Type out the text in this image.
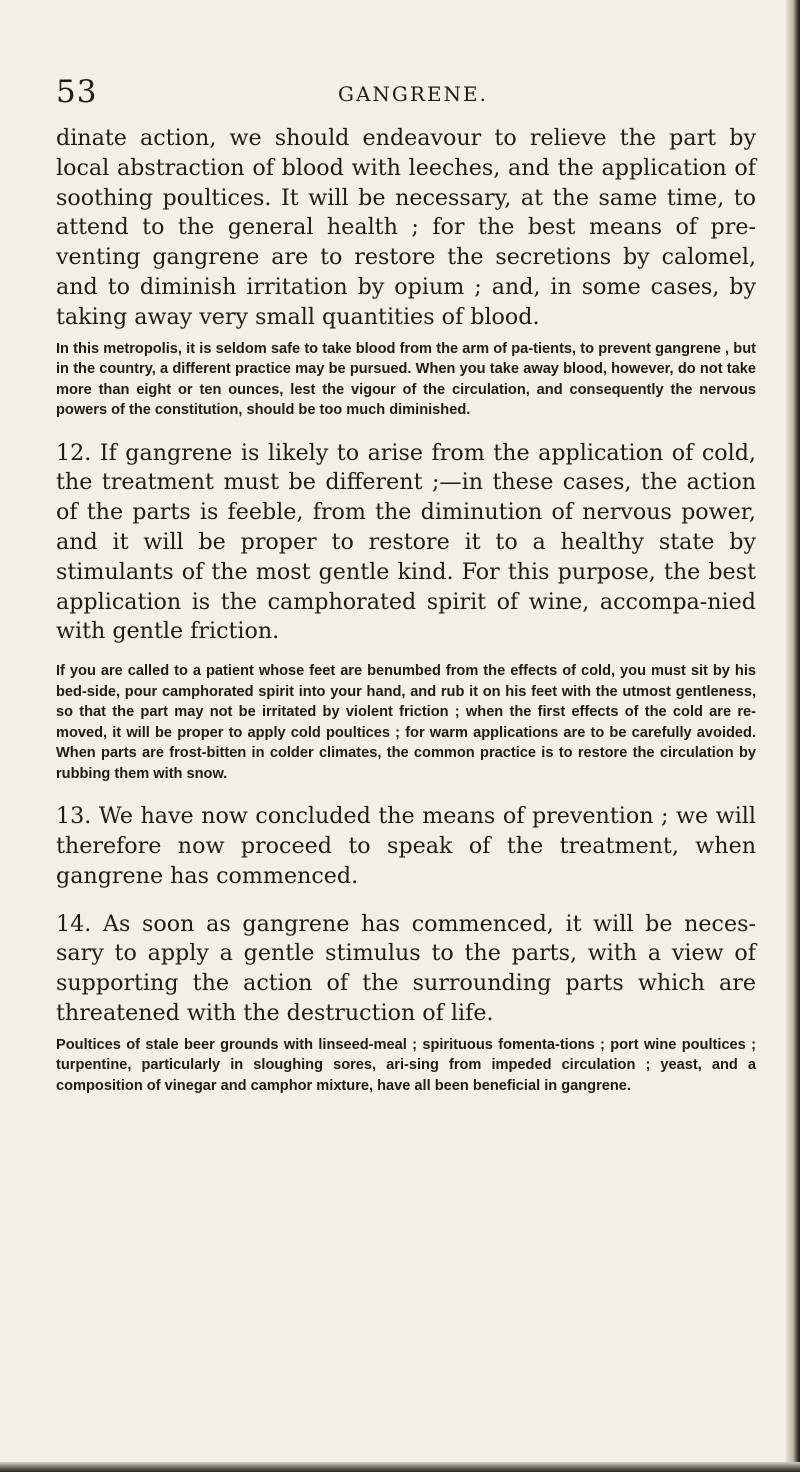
53	GANGRENE.

dinate action, we should endeavour to relieve the part by local abstraction of blood with leeches, and the application of soothing poultices. It will be necessary, at the same time, to attend to the general health ; for the best means of pre-venting gangrene are to restore the secretions by calomel, and to diminish irritation by opium ; and, in some cases, by taking away very small quantities of blood.

In this metropolis, it is seldom safe to take blood from the arm of pa-tients, to prevent gangrene , but in the country, a different practice may be pursued. When you take away blood, however, do not take more than eight or ten ounces, lest the vigour of the circulation, and consequently the nervous powers of the constitution, should be too much diminished.

12. If gangrene is likely to arise from the application of cold, the treatment must be different ;—in these cases, the action of the parts is feeble, from the diminution of nervous power, and it will be proper to restore it to a healthy state by stimulants of the most gentle kind. For this purpose, the best application is the camphorated spirit of wine, accompa-nied with gentle friction.

If you are called to a patient whose feet are benumbed from the effects of cold, you must sit by his bed-side, pour camphorated spirit into your hand, and rub it on his feet with the utmost gentleness, so that the part may not be irritated by violent friction ; when the first effects of the cold are re-moved, it will be proper to apply cold poultices ; for warm applications are to be carefully avoided. When parts are frost-bitten in colder climates, the common practice is to restore the circulation by rubbing them with snow.

13. We have now concluded the means of prevention ; we will therefore now proceed to speak of the treatment, when gangrene has commenced.

14. As soon as gangrene has commenced, it will be neces-sary to apply a gentle stimulus to the parts, with a view of supporting the action of the surrounding parts which are threatened with the destruction of life.

Poultices of stale beer grounds with linseed-meal ; spirituous fomenta-tions ; port wine poultices ; turpentine, particularly in sloughing sores, ari-sing from impeded circulation ; yeast, and a composition of vinegar and camphor mixture, have all been beneficial in gangrene.
